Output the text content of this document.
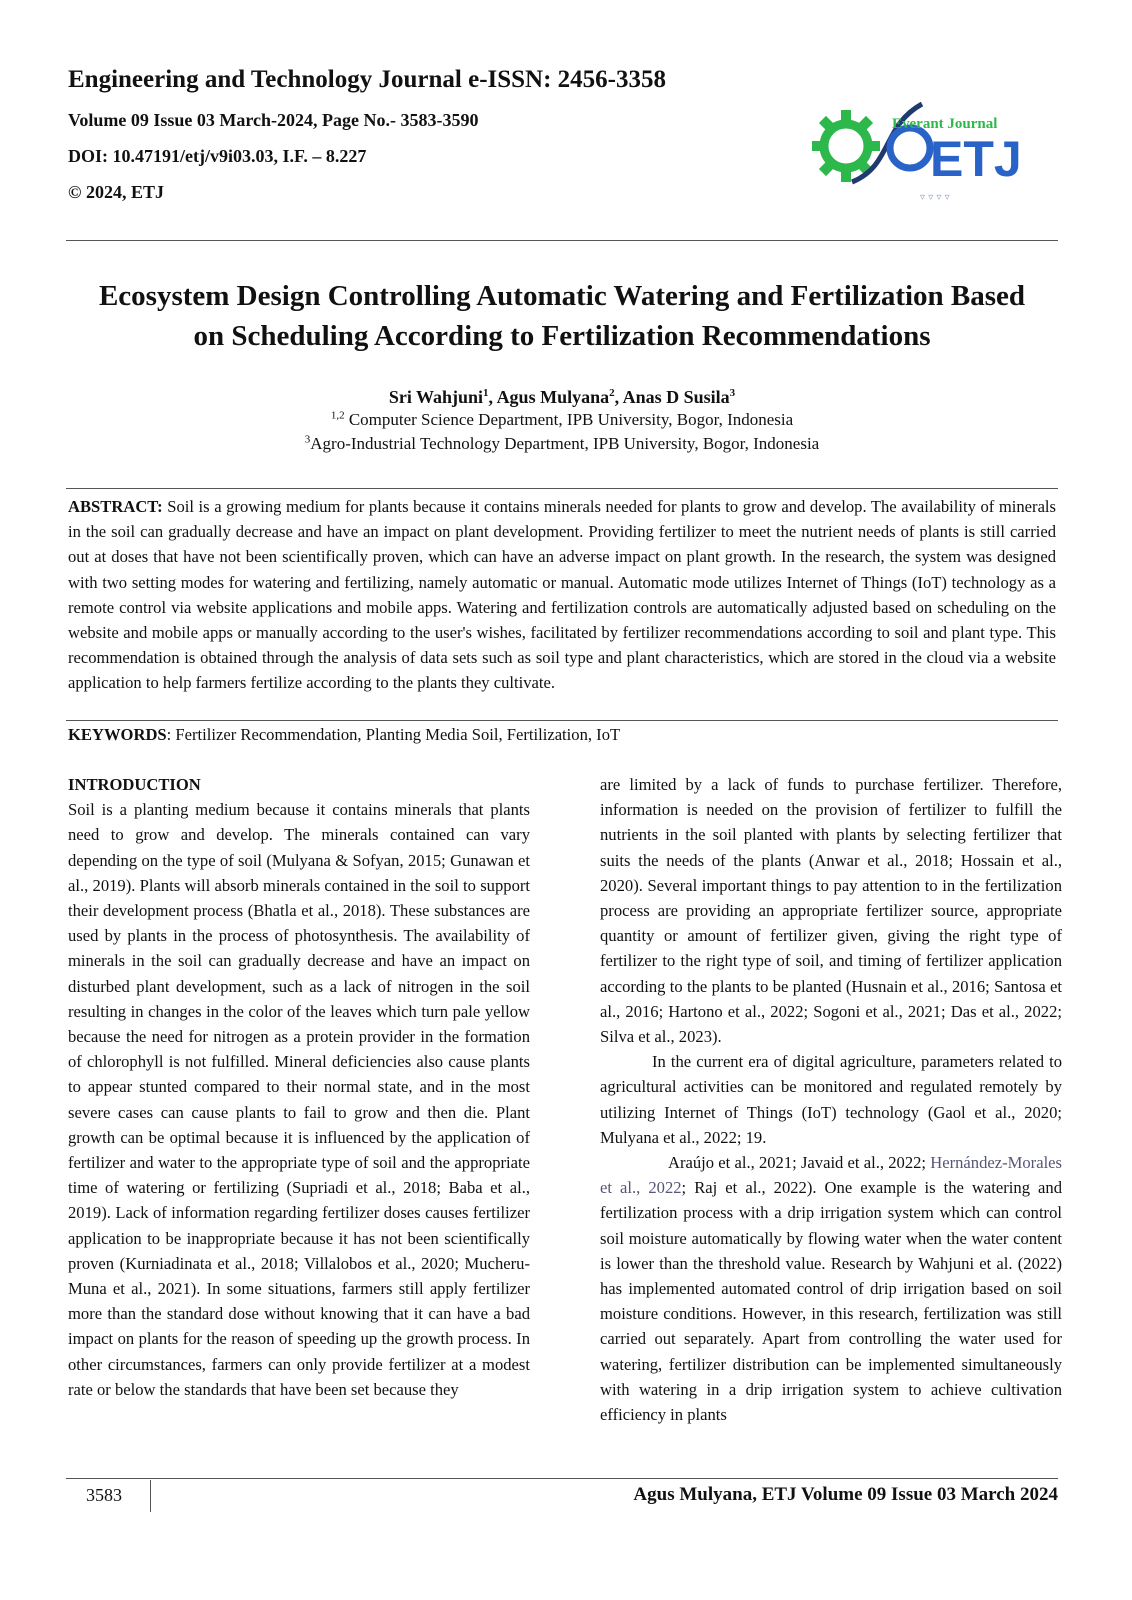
Engineering and Technology Journal e-ISSN: 2456-3358
Volume 09 Issue 03 March-2024, Page No.- 3583-3590
DOI: 10.47191/etj/v9i03.03, I.F. – 8.227
© 2024, ETJ
Everant Journal
ETJ
▿ ▿ ▿ ▿
Ecosystem Design Controlling Automatic Watering and Fertilization Based
on Scheduling According to Fertilization Recommendations
Sri Wahjuni$^1$, Agus Mulyana$^2$, Anas D Susila$^3$
$^{1,2}$ Computer Science Department, IPB University, Bogor, Indonesia
$^3$Agro-Industrial Technology Department, IPB University, Bogor, Indonesia

ABSTRACT: Soil is a growing medium for plants because it contains minerals needed for plants to grow and develop. The availability of minerals in the soil can gradually decrease and have an impact on plant development. Providing fertilizer to meet the nutrient needs of plants is still carried out at doses that have not been scientifically proven, which can have an adverse impact on plant growth. In the research, the system was designed with two setting modes for watering and fertilizing, namely automatic or manual. Automatic mode utilizes Internet of Things (IoT) technology as a remote control via website applications and mobile apps. Watering and fertilization controls are automatically adjusted based on scheduling on the website and mobile apps or manually according to the user's wishes, facilitated by fertilizer recommendations according to soil and plant type. This recommendation is obtained through the analysis of data sets such as soil type and plant characteristics, which are stored in the cloud via a website application to help farmers fertilize according to the plants they cultivate.

KEYWORDS: Fertilizer Recommendation, Planting Media Soil, Fertilization, IoT

INTRODUCTION
Soil is a planting medium because it contains minerals that plants need to grow and develop. The minerals contained can vary depending on the type of soil (Mulyana & Sofyan, 2015; Gunawan et al., 2019). Plants will absorb minerals contained in the soil to support their development process (Bhatla et al., 2018). These substances are used by plants in the process of photosynthesis. The availability of minerals in the soil can gradually decrease and have an impact on disturbed plant development, such as a lack of nitrogen in the soil resulting in changes in the color of the leaves which turn pale yellow because the need for nitrogen as a protein provider in the formation of chlorophyll is not fulfilled. Mineral deficiencies also cause plants to appear stunted compared to their normal state, and in the most severe cases can cause plants to fail to grow and then die. Plant growth can be optimal because it is influenced by the application of fertilizer and water to the appropriate type of soil and the appropriate time of watering or fertilizing (Supriadi et al., 2018; Baba et al., 2019). Lack of information regarding fertilizer doses causes fertilizer application to be inappropriate because it has not been scientifically proven (Kurniadinata et al., 2018; Villalobos et al., 2020; Mucheru-Muna et al., 2021). In some situations, farmers still apply fertilizer more than the standard dose without knowing that it can have a bad impact on plants for the reason of speeding up the growth process. In other circumstances, farmers can only provide fertilizer at a modest rate or below the standards that have been set because they
are limited by a lack of funds to purchase fertilizer. Therefore, information is needed on the provision of fertilizer to fulfill the nutrients in the soil planted with plants by selecting fertilizer that suits the needs of the plants (Anwar et al., 2018; Hossain et al., 2020). Several important things to pay attention to in the fertilization process are providing an appropriate fertilizer source, appropriate quantity or amount of fertilizer given, giving the right type of fertilizer to the right type of soil, and timing of fertilizer application according to the plants to be planted (Husnain et al., 2016; Santosa et al., 2016; Hartono et al., 2022; Sogoni et al., 2021; Das et al., 2022; Silva et al., 2023).
In the current era of digital agriculture, parameters related to agricultural activities can be monitored and regulated remotely by utilizing Internet of Things (IoT) technology (Gaol et al., 2020; Mulyana et al., 2022; 19.
Araújo et al., 2021; Javaid et al., 2022; Hernández-Morales et al., 2022; Raj et al., 2022). One example is the watering and fertilization process with a drip irrigation system which can control soil moisture automatically by flowing water when the water content is lower than the threshold value. Research by Wahjuni et al. (2022) has implemented automated control of drip irrigation based on soil moisture conditions. However, in this research, fertilization was still carried out separately. Apart from controlling the water used for watering, fertilizer distribution can be implemented simultaneously with watering in a drip irrigation system to achieve cultivation efficiency in plants
3583	Agus Mulyana, ETJ Volume 09 Issue 03 March 2024
